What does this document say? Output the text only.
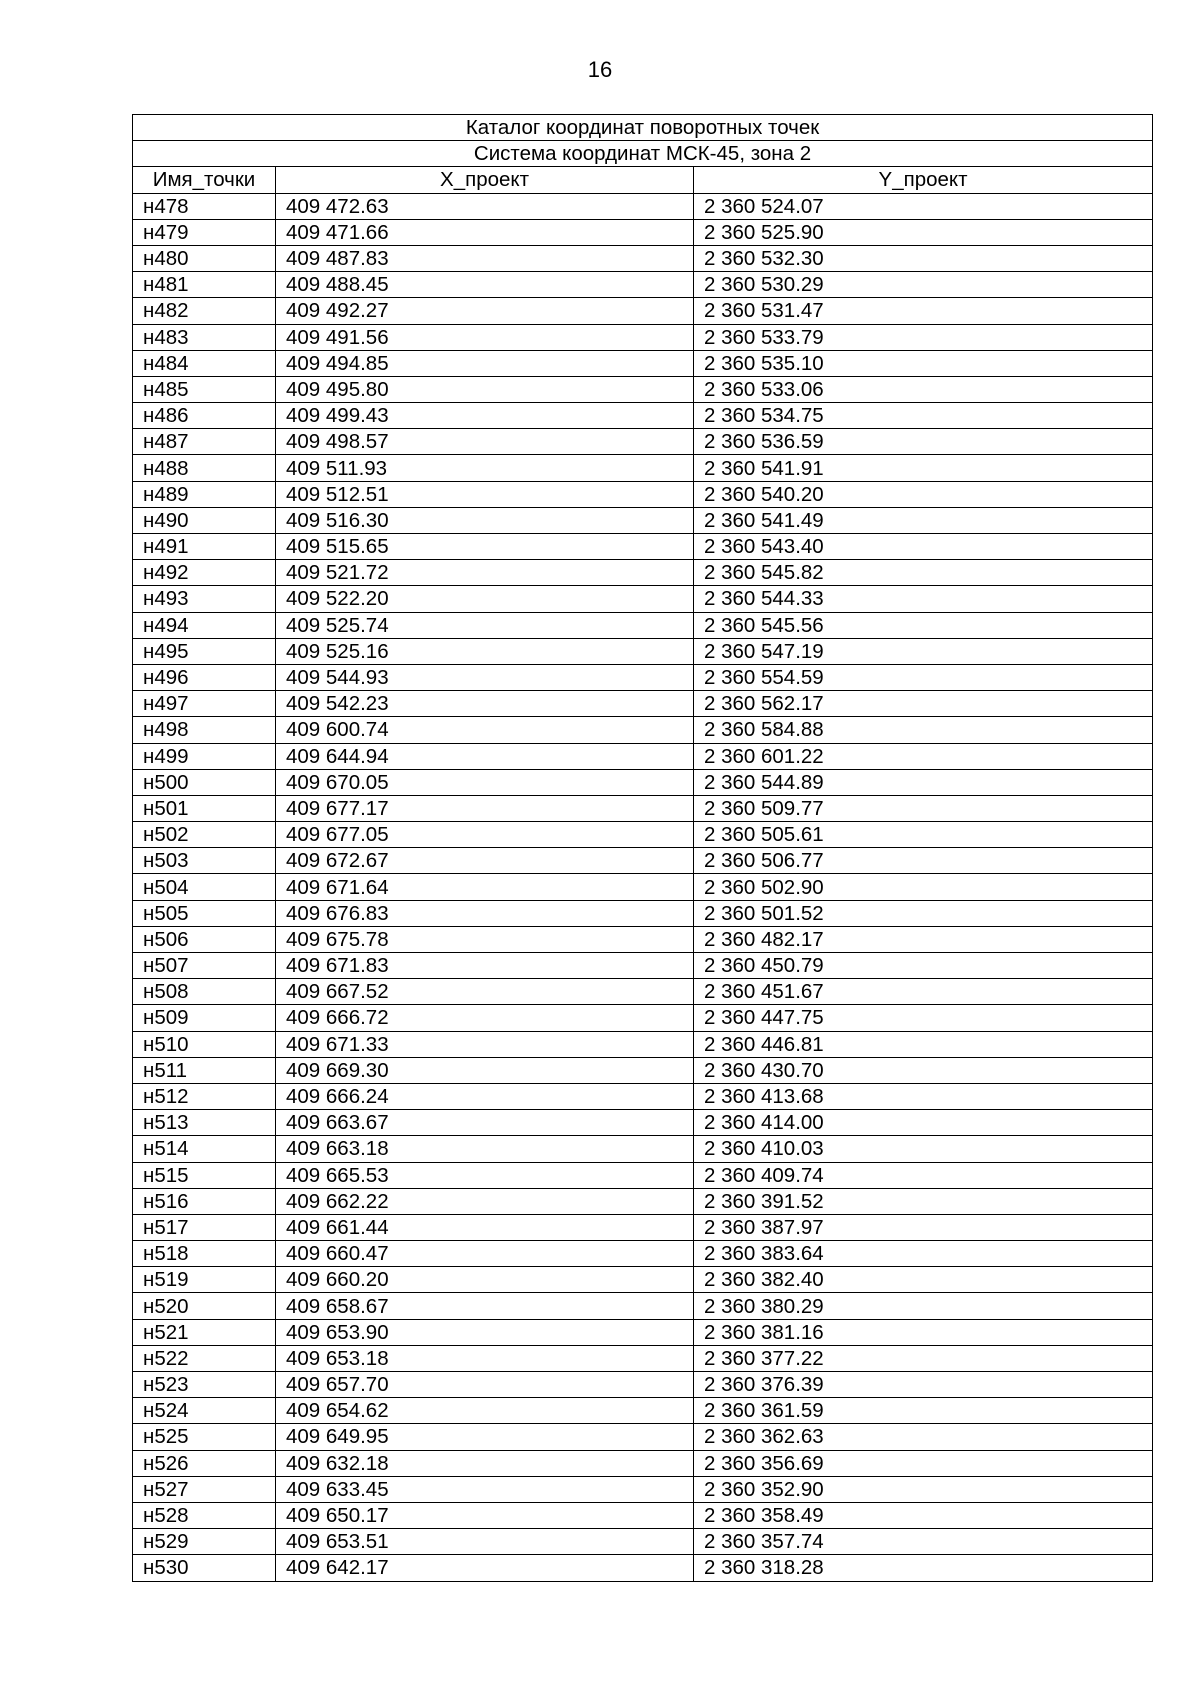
16
Каталог координат поворотных точек		
Система координат МСК-45, зона 2		
Имя_точки	X_проект	Y_проект
н478	409 472.63	2 360 524.07
н479	409 471.66	2 360 525.90
н480	409 487.83	2 360 532.30
н481	409 488.45	2 360 530.29
н482	409 492.27	2 360 531.47
н483	409 491.56	2 360 533.79
н484	409 494.85	2 360 535.10
н485	409 495.80	2 360 533.06
н486	409 499.43	2 360 534.75
н487	409 498.57	2 360 536.59
н488	409 511.93	2 360 541.91
н489	409 512.51	2 360 540.20
н490	409 516.30	2 360 541.49
н491	409 515.65	2 360 543.40
н492	409 521.72	2 360 545.82
н493	409 522.20	2 360 544.33
н494	409 525.74	2 360 545.56
н495	409 525.16	2 360 547.19
н496	409 544.93	2 360 554.59
н497	409 542.23	2 360 562.17
н498	409 600.74	2 360 584.88
н499	409 644.94	2 360 601.22
н500	409 670.05	2 360 544.89
н501	409 677.17	2 360 509.77
н502	409 677.05	2 360 505.61
н503	409 672.67	2 360 506.77
н504	409 671.64	2 360 502.90
н505	409 676.83	2 360 501.52
н506	409 675.78	2 360 482.17
н507	409 671.83	2 360 450.79
н508	409 667.52	2 360 451.67
н509	409 666.72	2 360 447.75
н510	409 671.33	2 360 446.81
н511	409 669.30	2 360 430.70
н512	409 666.24	2 360 413.68
н513	409 663.67	2 360 414.00
н514	409 663.18	2 360 410.03
н515	409 665.53	2 360 409.74
н516	409 662.22	2 360 391.52
н517	409 661.44	2 360 387.97
н518	409 660.47	2 360 383.64
н519	409 660.20	2 360 382.40
н520	409 658.67	2 360 380.29
н521	409 653.90	2 360 381.16
н522	409 653.18	2 360 377.22
н523	409 657.70	2 360 376.39
н524	409 654.62	2 360 361.59
н525	409 649.95	2 360 362.63
н526	409 632.18	2 360 356.69
н527	409 633.45	2 360 352.90
н528	409 650.17	2 360 358.49
н529	409 653.51	2 360 357.74
н530	409 642.17	2 360 318.28
